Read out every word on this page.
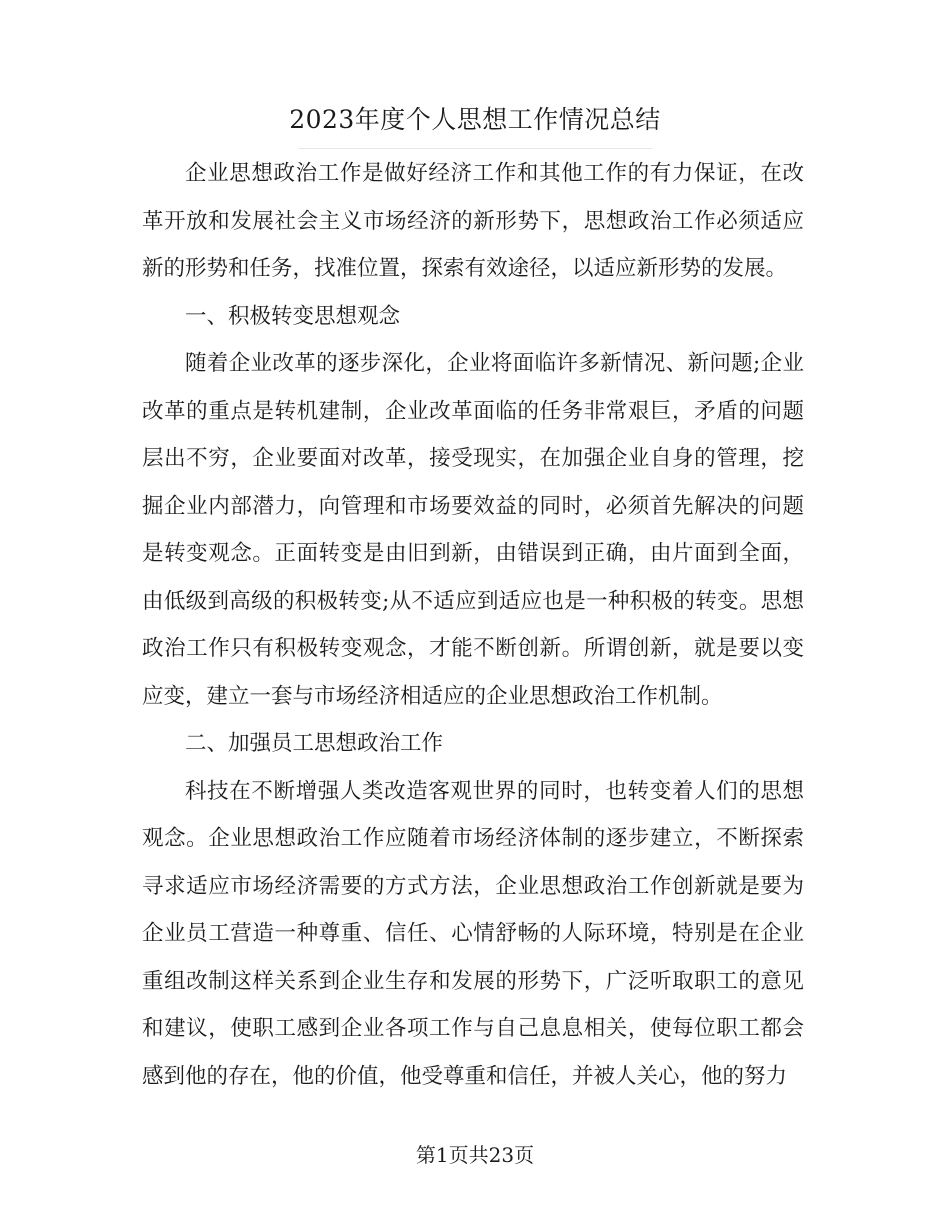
2023年度个人思想工作情况总结

企业思想政治工作是做好经济工作和其他工作的有力保证，在改革开放和发展社会主义市场经济的新形势下，思想政治工作必须适应新的形势和任务，找准位置，探索有效途径，以适应新形势的发展。

一、积极转变思想观念

随着企业改革的逐步深化，企业将面临许多新情况、新问题;企业改革的重点是转机建制，企业改革面临的任务非常艰巨，矛盾的问题层出不穷，企业要面对改革，接受现实，在加强企业自身的管理，挖掘企业内部潜力，向管理和市场要效益的同时，必须首先解决的问题是转变观念。正面转变是由旧到新，由错误到正确，由片面到全面，由低级到高级的积极转变;从不适应到适应也是一种积极的转变。思想政治工作只有积极转变观念，才能不断创新。所谓创新，就是要以变应变，建立一套与市场经济相适应的企业思想政治工作机制。

二、加强员工思想政治工作

科技在不断增强人类改造客观世界的同时，也转变着人们的思想观念。企业思想政治工作应随着市场经济体制的逐步建立，不断探索寻求适应市场经济需要的方式方法，企业思想政治工作创新就是要为企业员工营造一种尊重、信任、心情舒畅的人际环境，特别是在企业重组改制这样关系到企业生存和发展的形势下，广泛听取职工的意见和建议，使职工感到企业各项工作与自己息息相关，使每位职工都会感到他的存在，他的价值，他受尊重和信任，并被人关心，他的努力

第1页共23页
